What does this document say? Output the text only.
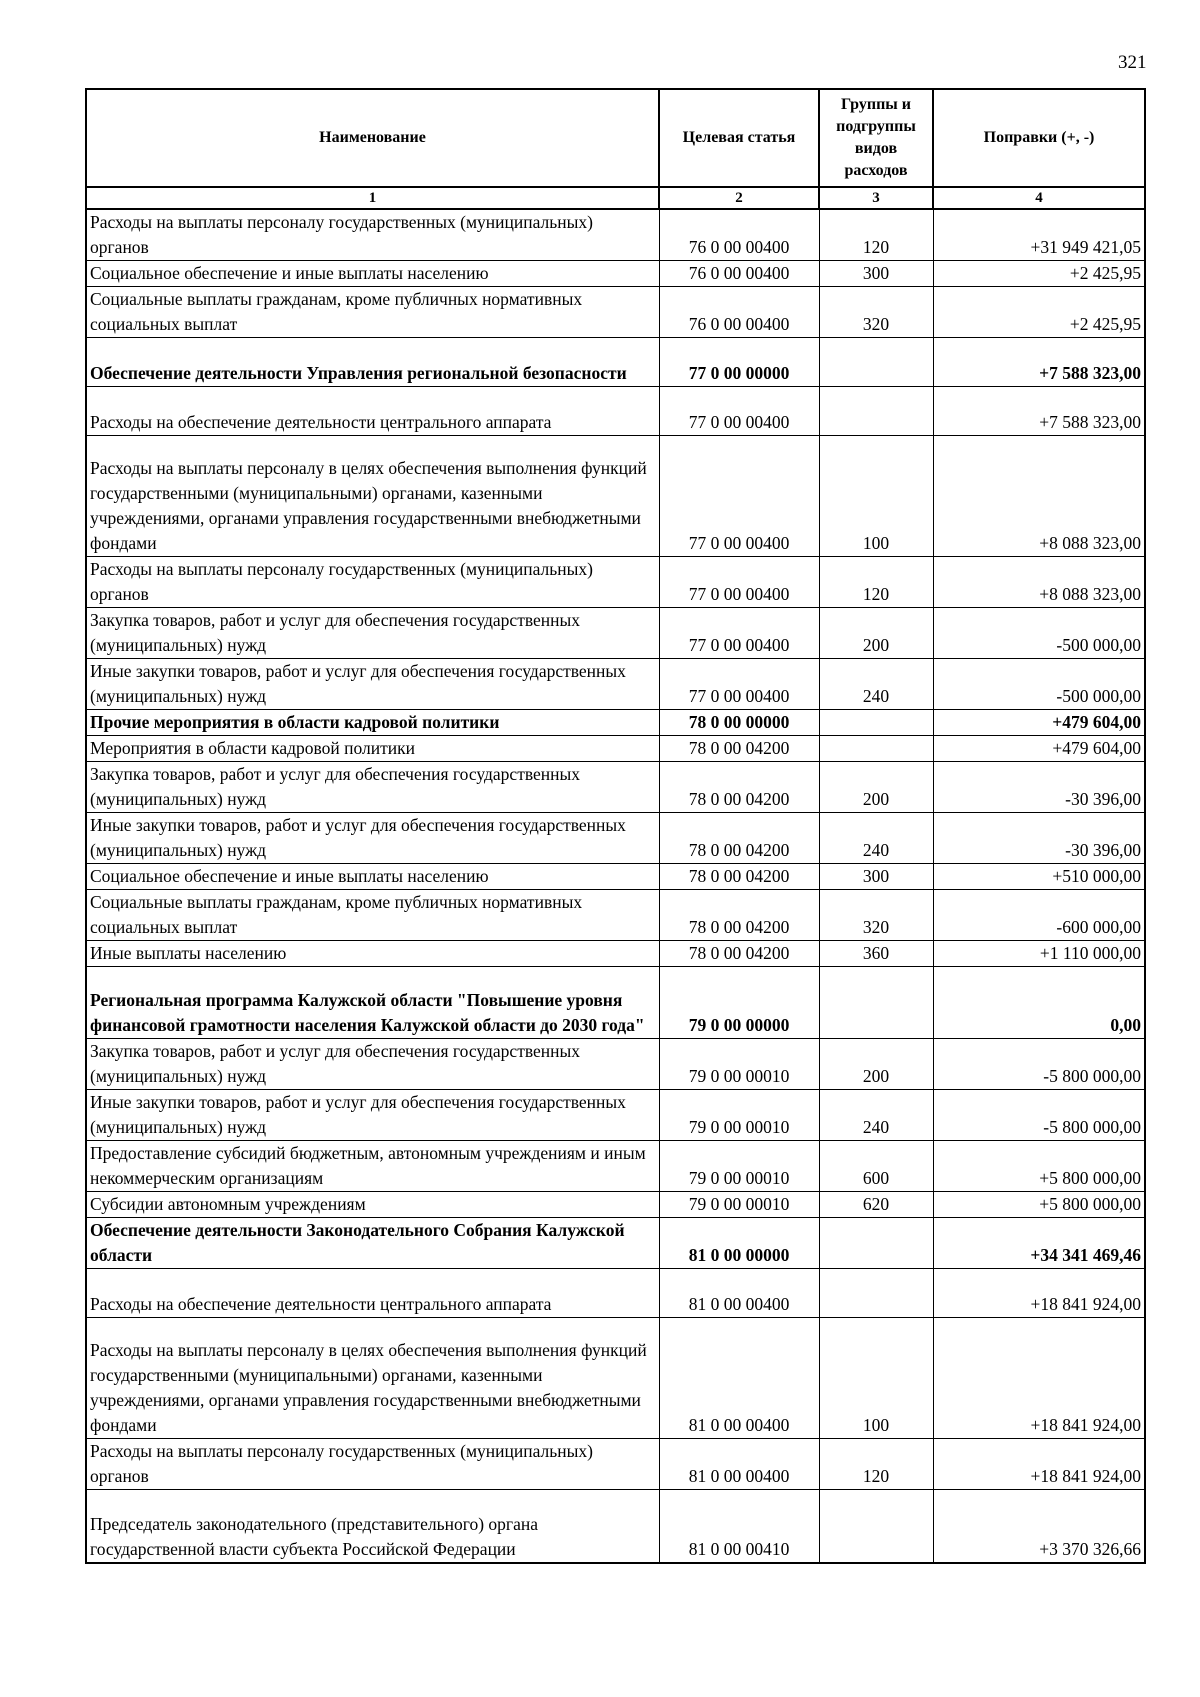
321
Наименование	Целевая статья	Группы и подгруппы видов расходов	Поправки (+, -)
1	2	3	4
Расходы на выплаты персоналу государственных (муниципальных) органов	76 0 00 00400	120	+31 949 421,05
Социальное обеспечение и иные выплаты населению	76 0 00 00400	300	+2 425,95
Социальные выплаты гражданам, кроме публичных нормативных социальных выплат	76 0 00 00400	320	+2 425,95
Обеспечение деятельности Управления региональной безопасности	77 0 00 00000		+7 588 323,00
Расходы на обеспечение деятельности центрального аппарата	77 0 00 00400		+7 588 323,00
Расходы на выплаты персоналу в целях обеспечения выполнения функций государственными (муниципальными) органами, казенными учреждениями, органами управления государственными внебюджетными фондами	77 0 00 00400	100	+8 088 323,00
Расходы на выплаты персоналу государственных (муниципальных) органов	77 0 00 00400	120	+8 088 323,00
Закупка товаров, работ и услуг для обеспечения государственных (муниципальных) нужд	77 0 00 00400	200	-500 000,00
Иные закупки товаров, работ и услуг для обеспечения государственных (муниципальных) нужд	77 0 00 00400	240	-500 000,00
Прочие мероприятия в области кадровой политики	78 0 00 00000		+479 604,00
Мероприятия в области кадровой политики	78 0 00 04200		+479 604,00
Закупка товаров, работ и услуг для обеспечения государственных (муниципальных) нужд	78 0 00 04200	200	-30 396,00
Иные закупки товаров, работ и услуг для обеспечения государственных (муниципальных) нужд	78 0 00 04200	240	-30 396,00
Социальное обеспечение и иные выплаты населению	78 0 00 04200	300	+510 000,00
Социальные выплаты гражданам, кроме публичных нормативных социальных выплат	78 0 00 04200	320	-600 000,00
Иные выплаты населению	78 0 00 04200	360	+1 110 000,00
Региональная программа Калужской области "Повышение уровня финансовой грамотности населения Калужской области до 2030 года"	79 0 00 00000		0,00
Закупка товаров, работ и услуг для обеспечения государственных (муниципальных) нужд	79 0 00 00010	200	-5 800 000,00
Иные закупки товаров, работ и услуг для обеспечения государственных (муниципальных) нужд	79 0 00 00010	240	-5 800 000,00
Предоставление субсидий бюджетным, автономным учреждениям и иным некоммерческим организациям	79 0 00 00010	600	+5 800 000,00
Субсидии автономным учреждениям	79 0 00 00010	620	+5 800 000,00
Обеспечение деятельности Законодательного Собрания Калужской области	81 0 00 00000		+34 341 469,46
Расходы на обеспечение деятельности центрального аппарата	81 0 00 00400		+18 841 924,00
Расходы на выплаты персоналу в целях обеспечения выполнения функций государственными (муниципальными) органами, казенными учреждениями, органами управления государственными внебюджетными фондами	81 0 00 00400	100	+18 841 924,00
Расходы на выплаты персоналу государственных (муниципальных) органов	81 0 00 00400	120	+18 841 924,00
Председатель законодательного (представительного) органа государственной власти субъекта Российской Федерации	81 0 00 00410		+3 370 326,66
